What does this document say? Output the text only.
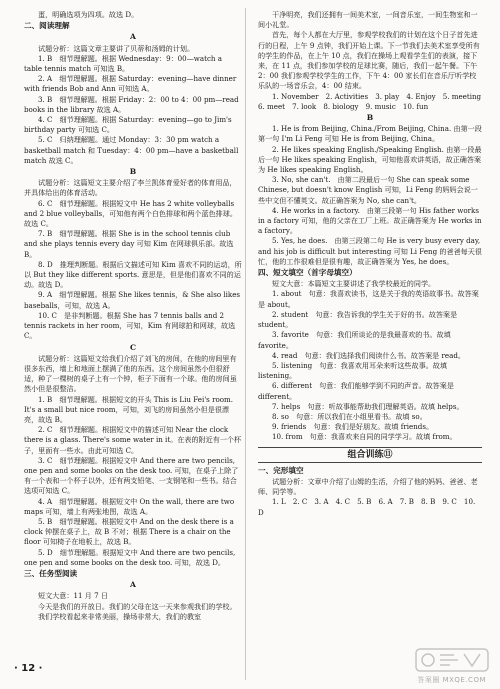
蛋，明确选项为四项。故选 D。
二、阅读理解
A
试题分析：这篇文章主要讲了贝蒂和汤姆的计划。
1. B　细节理解题。根据 Wednesday：9：00—watch a table tennis match 可知选 B。
2. A　细节理解题。根据 Saturday：evening—have dinner with friends Bob and Ann 可知选 A。
3. B　细节理解题。根据 Friday：2：00 to 4：00 pm—read books in the library 故选 A。
4. C　细节理解题。根据 Saturday：evening—go to Jim's birthday party 可知选 C。
5. C　归纳理解题。通过 Monday：3：30 pm watch a basketball match 和 Tuesday：4：00 pm—have a basketball match 故选 C。
B
试题分析：这篇短文主要介绍了李兰凯体育爱好者的体育用品，并具体给出的体育活动。
6. C　细节理解题。根据短文中 He has 2 white volleyballs and 2 blue volleyballs，可知他有两个白色排球和两个蓝色排球。故选 C。
7. B　细节理解题。根据 She is in the school tennis club and she plays tennis every day 可知 Kim 在网球俱乐部。故选 B。
8. D　推理判断题。根据后文描述可知 Kim 喜欢不同的运动，所以 But they like different sports. 意思是，但是他们喜欢不同的运动。故选 D。
9. A　细节理解题。根据 She likes tennis，& She also likes baseballs，可知，故选 A。
10. C　是非判断题。根据 She has 7 tennis balls and 2 tennis rackets in her room，可知，Kim 有网球拍和网球，故选 C。
C
试题分析：这篇短文给我们介绍了刘飞的房间，在他的房间里有很多东西，墙上和地面上摆满了他的东西。这个房间虽然小但很舒适，种了一棵树的桌子上有一个钟，柜子下面有一个球。他的房间虽然小但是很整洁。
1. B　细节理解题。根据短文的开头 This is Liu Fei's room. It's a small but nice room，可知，刘飞的房间虽然小但是很漂亮，故选 B。
2. C　细节理解题。根据短文中的描述可知 Near the clock there is a glass. There's some water in it。在表的附近有一个杯子，里面有一些水。由此可知选 C。
3. C　细节理解题。根据短文中 And there are two pencils, one pen and some books on the desk too. 可知，在桌子上除了有一个表和一个杯子以外，还有两支铅笔、一支钢笔和一些书。结合选项可知选 C。
4. A　细节理解题。根据短文中 On the wall, there are two maps 可知，墙上有两张地图，故选 A。
5. B　细节理解题。根据短文中 And on the desk there is a clock 钟摆在桌子上，故 B 不对；根据 There is a chair on the floor 可知椅子在地板上，故选 B。
5. D　细节理解题。根据短文中 And there are two pencils, one pen and some books on the desk too. 可知，故选 D。
三、任务型阅读
A
短文大意：11 月 7 日
今天是我们的开放日。我们的父母在这一天来参观我们的学校。
我们学校看起来非常美丽，操场非常大，我们的教室
干净明亮，我们还拥有一间美术室，一间音乐室，一间生物室和一间小礼堂。
首先，每个人都在大厅里，参观学校我们的计划在这个日子首先进行的日程，上午 9 点钟，我们开始上课。下一节我们去美术室享受所有的学生的作品，在上午 10 点，我们在操场上观看学生们的表演，接下来，在 11 点，我们参加学校的足球比赛，随后，我们一起午餐。下午 2：00 我们参观学校学生的工作，下午 4：00 家长们在音乐厅听学校乐队的一场音乐会，4：00 结束。
1. November　2. Activities　3. play　4. Enjoy　5. meeting　6. meet　7. look　8. biology　9. music　10. fun
B
1. He is from Beijing, China./From Beijing, China. 由第一段第一句 I'm Li Feng 可知 He is from Beijing, China。
2. He likes speaking English./Speaking English. 由第一段最后一句 He likes speaking English，可知他喜欢讲英语，故正确答案为 He likes speaking English。
3. No, she can't.　由第二段最后一句 She can speak some Chinese, but doesn't know English 可知，Li Feng 的妈妈会说一些中文但不懂英文。故正确答案为 No, she can't。
4. He works in a factory.　由第三段第一句 His father works in a factory 可知，他的父亲在工厂上班。故正确答案为 He works in a factory。
5. Yes, he does.　由第三段第二句 He is very busy every day, and his job is difficult but interesting 可知 Li Feng 的爸爸每天很忙，他的工作很难但是很有趣，故正确答案为 Yes, he does。
四、短文填空（首字母填空）
短文大意：本篇短文主要讲述了我学校最近的同学。
1. about　句意：我喜欢读书，这是关于我的英语故事书。故答案是 about。
2. student　句意：我告诉我的学生关于好的书。故答案是 student。
3. favorite　句意：我们所谈论的是我最喜欢的书。故填 favorite。
4. read　句意：我们选择我们阅读什么书。故答案是 read。
5. listening　句意：我喜欢用耳朵来听这些故事。故填 listening。
6. different　句意：我们能够学到不同的声音。故答案是 different。
7. helps　句意：听故事能帮助我们理解英语。故填 helps。
8. so　句意：所以我们在小组里看书。故填 so。
9. friends　句意：我们是好朋友。故填 friends。
10. from　句意：我喜欢来自同的同学学习。故填 from。
组合训练⑪
一、完形填空
试题分析：文章中介绍了山姆的生活，介绍了他的妈妈、爸爸、老师、同学等。
1. L　2. C　3. A　4. C　5. B　6. A　7. B　8. B　9. C　10. D
· 12 ·
答案圈 MXQE.COM
